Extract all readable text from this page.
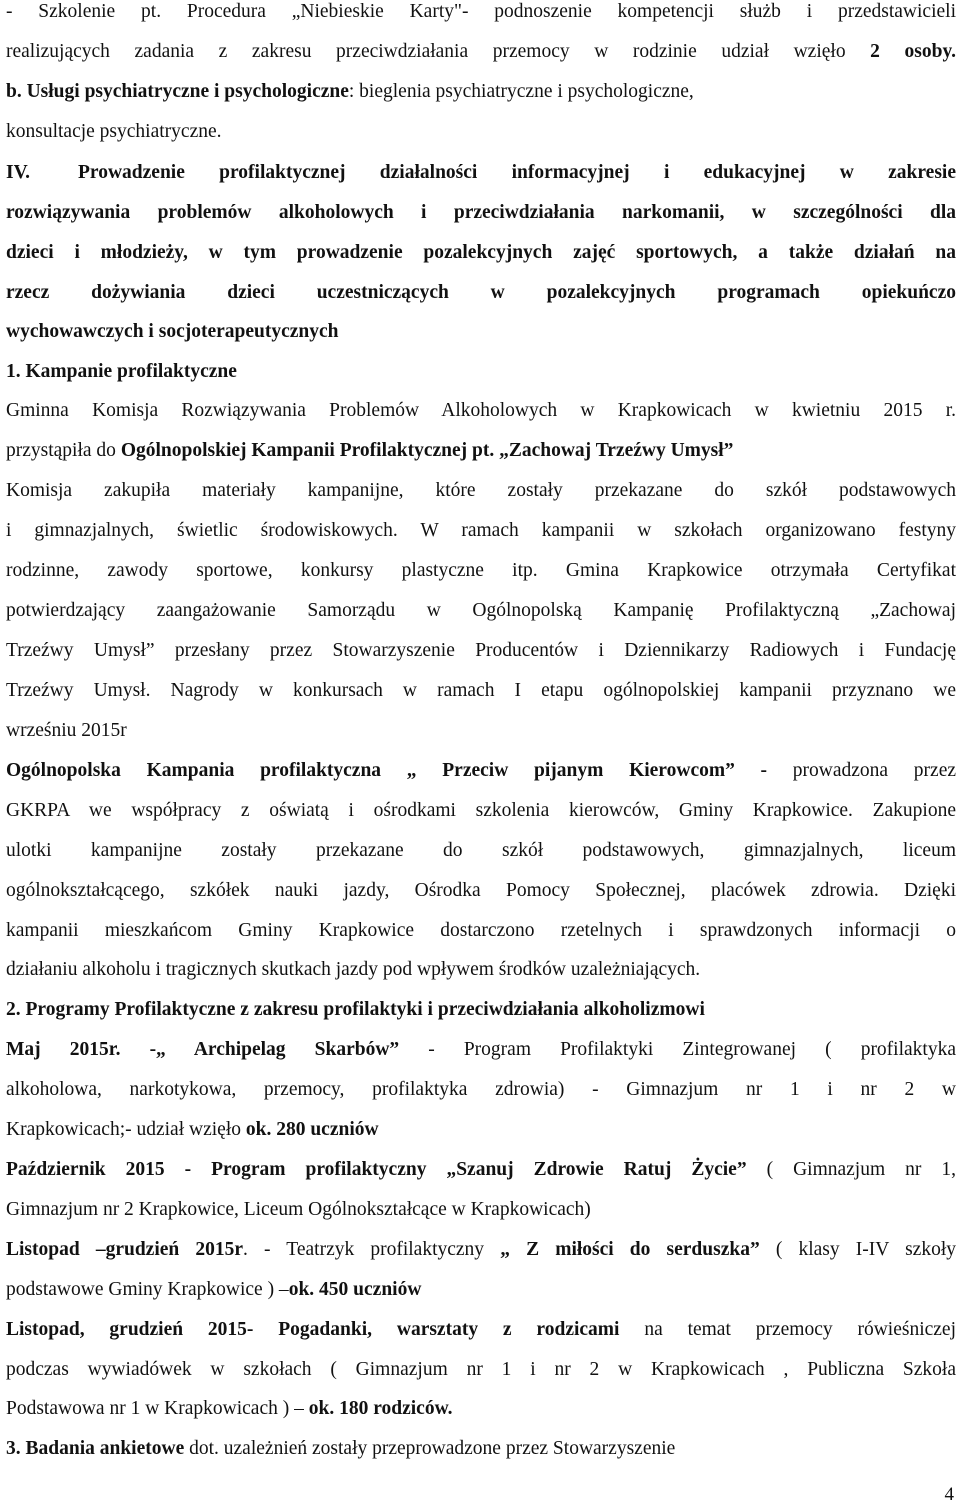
- Szkolenie pt. Procedura „Niebieskie Karty"- podnoszenie kompetencji służb i przedstawicieli
realizujących zadania z zakresu przeciwdziałania przemocy w rodzinie udział wzięło 2 osoby.
b. Usługi psychiatryczne i psychologiczne: bieglenia psychiatryczne i psychologiczne,
konsultacje psychiatryczne.
IV. Prowadzenie profilaktycznej działalności informacyjnej i edukacyjnej w zakresie
rozwiązywania problemów alkoholowych i przeciwdziałania narkomanii, w szczególności dla
dzieci i młodzieży, w tym prowadzenie pozalekcyjnych zajęć sportowych, a także działań na
rzecz dożywiania dzieci uczestniczących w pozalekcyjnych programach opiekuńczo
wychowawczych i socjoterapeutycznych
1. Kampanie profilaktyczne
Gminna Komisja Rozwiązywania Problemów Alkoholowych w Krapkowicach w kwietniu 2015 r.
przystąpiła do Ogólnopolskiej Kampanii Profilaktycznej pt. „Zachowaj Trzeźwy Umysł”
Komisja zakupiła materiały kampanijne, które zostały przekazane do szkół podstawowych
i gimnazjalnych, świetlic środowiskowych. W ramach kampanii w szkołach organizowano festyny
rodzinne, zawody sportowe, konkursy plastyczne itp. Gmina Krapkowice otrzymała Certyfikat
potwierdzający zaangażowanie Samorządu w Ogólnopolską Kampanię Profilaktyczną „Zachowaj
Trzeźwy Umysł” przesłany przez Stowarzyszenie Producentów i Dziennikarzy Radiowych i Fundację
Trzeźwy Umysł. Nagrody w konkursach w ramach I etapu ogólnopolskiej kampanii przyznano we
wrześniu 2015r
Ogólnopolska Kampania profilaktyczna „ Przeciw pijanym Kierowcom” - prowadzona przez
GKRPA we współpracy z oświatą i ośrodkami szkolenia kierowców, Gminy Krapkowice. Zakupione
ulotki kampanijne zostały przekazane do szkół podstawowych, gimnazjalnych, liceum
ogólnokształcącego, szkółek nauki jazdy, Ośrodka Pomocy Społecznej, placówek zdrowia. Dzięki
kampanii mieszkańcom Gminy Krapkowice dostarczono rzetelnych i sprawdzonych informacji o
działaniu alkoholu i tragicznych skutkach jazdy pod wpływem środków uzależniających.
2. Programy Profilaktyczne z zakresu profilaktyki i przeciwdziałania alkoholizmowi
Maj 2015r. -„ Archipelag Skarbów” - Program Profilaktyki Zintegrowanej ( profilaktyka
alkoholowa, narkotykowa, przemocy, profilaktyka zdrowia) - Gimnazjum nr 1 i nr 2 w
Krapkowicach;- udział wzięło ok. 280 uczniów
Październik 2015 - Program profilaktyczny „Szanuj Zdrowie Ratuj Życie” ( Gimnazjum nr 1,
Gimnazjum nr 2 Krapkowice, Liceum Ogólnokształcące w Krapkowicach)
Listopad –grudzień 2015r. - Teatrzyk profilaktyczny „ Z miłości do serduszka” ( klasy I-IV szkoły
podstawowe Gminy Krapkowice ) –ok. 450 uczniów
Listopad, grudzień 2015- Pogadanki, warsztaty z rodzicami na temat przemocy rówieśniczej
podczas wywiadówek w szkołach ( Gimnazjum nr 1 i nr 2 w Krapkowicach , Publiczna Szkoła
Podstawowa nr 1 w Krapkowicach ) – ok. 180 rodziców.
3. Badania ankietowe dot. uzależnień zostały przeprowadzone przez Stowarzyszenie
4
